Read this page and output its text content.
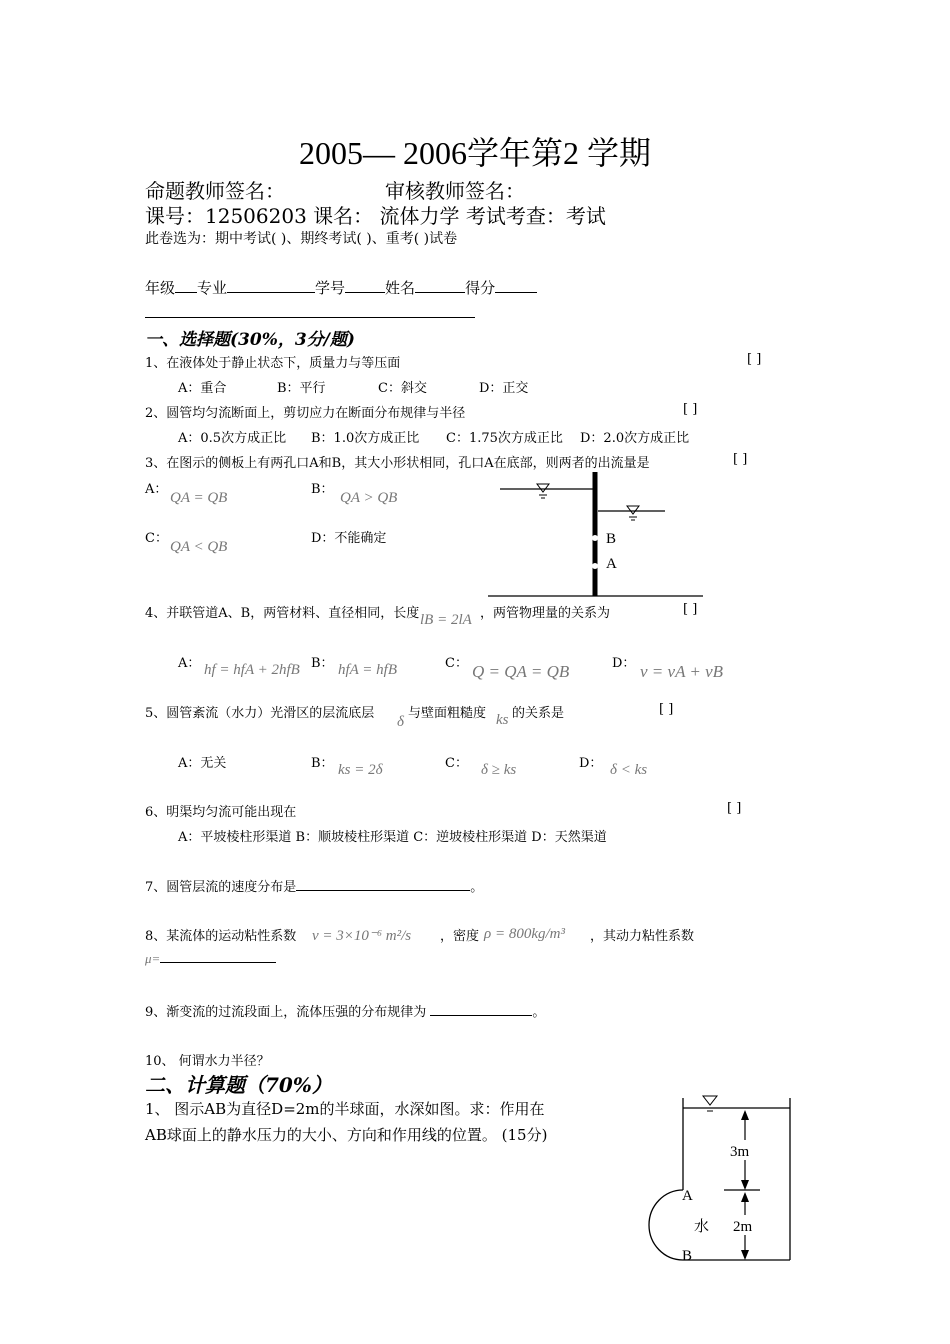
2005— 2006学年第2 学期
命题教师签名：	审核教师签名：
课号：12506203 课名： 流体力学 考试考查：考试
此卷选为：期中考试( )、期终考试( )、重考( )试卷
年级 专业	学号	姓名	得分
一、选择题(30%，3分/题)
1、在液体处于静止状态下，质量力与等压面	[ ]
A：重合	B：平行	C：斜交	D：正交
2、圆管均匀流断面上，剪切应力在断面分布规律与半径	[ ]
A：0.5次方成正比 B：1.0次方成正比 C：1.75次方成正比 D：2.0次方成正比
3、在图示的侧板上有两孔口A和B，其大小形状相同，孔口A在底部，则两者的出流量是	[ ]
A：
QA = QB
B：
QA > QB
C：
QA < QB
D：不能确定	B
A
4、并联管道A、B，两管材料、直径相同，长度 lB = 2lA ，两管物理量的关系为	[ ]
A： hf = hfA + 2hfB B： hfA = hfB	C： Q = QA = QB	D： v = vA + vB
5、圆管紊流（水力）光滑区的层流底层
δ
与壁面粗糙度 ks 的关系是	[ ]
A：无关	B： ks = 2δ	C： δ ≥ ks	D： δ < ks
6、明渠均匀流可能出现在	[ ]
A：平坡棱柱形渠道 B：顺坡棱柱形渠道 C：逆坡棱柱形渠道 D：天然渠道
7、圆管层流的速度分布是	。
8、某流体的运动粘性系数 ν = 3×10⁻⁶ m²/s ，密度 ρ = 800kg/m³ ，其动力粘性系数
μ=
9、渐变流的过流段面上，流体压强的分布规律为	。
10、 何谓水力半径？
二、计算题（70%）
1、 图示AB为直径D=2m的半球面，水深如图。求：作用在
AB球面上的静水压力的大小、方向和作用线的位置。 (15分)
3m
2m
A
B
水
